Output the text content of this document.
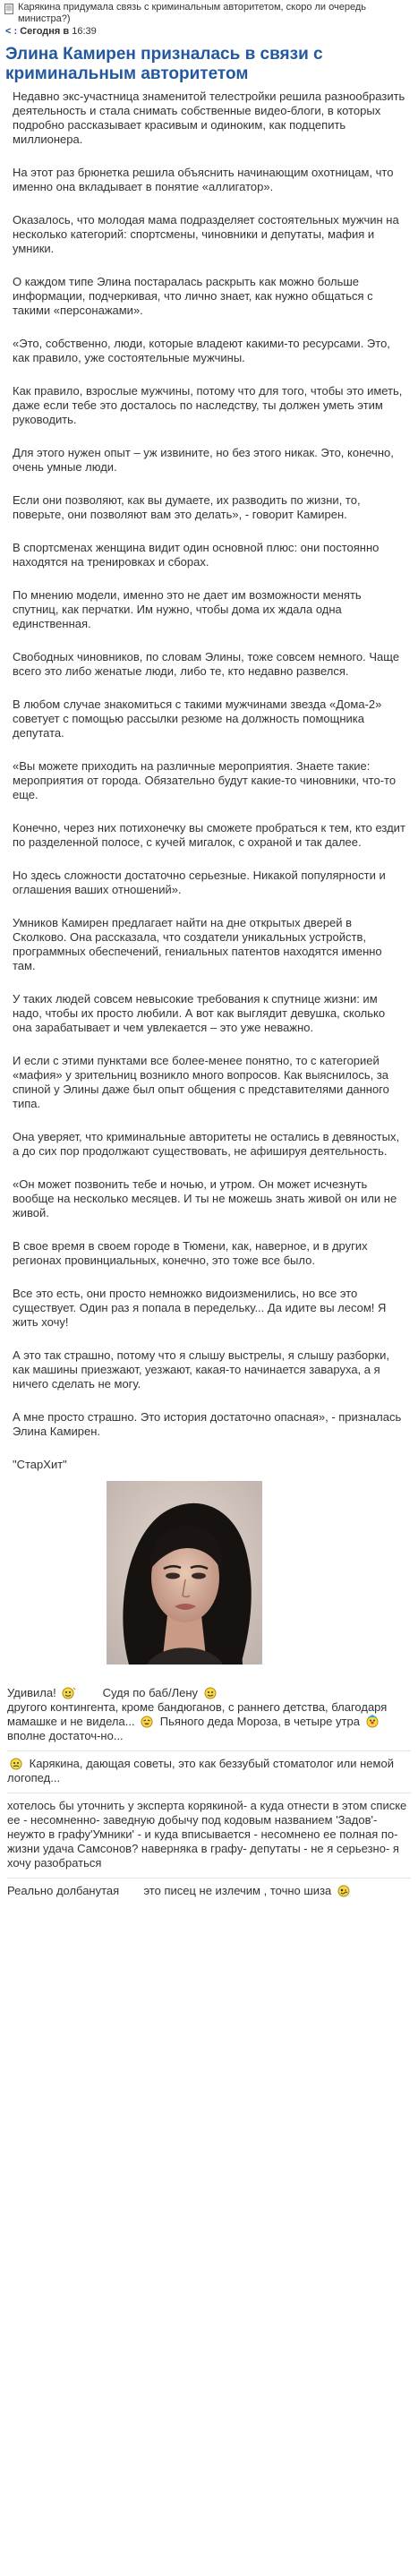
Карякина придумала связь с криминальным авторитетом, скоро ли очередь министра?)
< : Сегодня в 16:39
Элина Камирен призналась в связи с криминальным авторитетом

Недавно экс-участница знаменитой телестройки решила разнообразить деятельность и стала снимать собственные видео-блоги, в которых подробно рассказывает красивым и одиноким, как подцепить миллионера.

На этот раз брюнетка решила объяснить начинающим охотницам, что именно она вкладывает в понятие «аллигатор».

Оказалось, что молодая мама подразделяет состоятельных мужчин на несколько категорий: спортсмены, чиновники и депутаты, мафия и умники.

О каждом типе Элина постаралась раскрыть как можно больше информации, подчеркивая, что лично знает, как нужно общаться с такими «персонажами».

«Это, собственно, люди, которые владеют какими-то ресурсами. Это, как правило, уже состоятельные мужчины.

Как правило, взрослые мужчины, потому что для того, чтобы это иметь, даже если тебе это досталось по наследству, ты должен уметь этим руководить.

Для этого нужен опыт – уж извините, но без этого никак. Это, конечно, очень умные люди.

Если они позволяют, как вы думаете, их разводить по жизни, то, поверьте, они позволяют вам это делать», - говорит Камирен.

В спортсменах женщина видит один основной плюс: они постоянно находятся на тренировках и сборах.

По мнению модели, именно это не дает им возможности менять спутниц, как перчатки. Им нужно, чтобы дома их ждала одна единственная.

Свободных чиновников, по словам Элины, тоже совсем немного. Чаще всего это либо женатые люди, либо те, кто недавно развелся.

В любом случае знакомиться с такими мужчинами звезда «Дома-2» советует с помощью рассылки резюме на должность помощника депутата.

«Вы можете приходить на различные мероприятия. Знаете такие: мероприятия от города. Обязательно будут какие-то чиновники, что-то еще.

Конечно, через них потихонечку вы сможете пробраться к тем, кто ездит по разделенной полосе, с кучей мигалок, с охраной и так далее.

Но здесь сложности достаточно серьезные. Никакой популярности и оглашения ваших отношений».

Умников Камирен предлагает найти на дне открытых дверей в Сколково. Она рассказала, что создатели уникальных устройств, программных обеспечений, гениальных патентов находятся именно там.

У таких людей совсем невысокие требования к спутнице жизни: им надо, чтобы их просто любили. А вот как выглядит девушка, сколько она зарабатывает и чем увлекается – это уже неважно.

И если с этими пунктами все более-менее понятно, то с категорией «мафия» у зрительниц возникло много вопросов. Как выяснилось, за спиной у Элины даже был опыт общения с представителями данного типа.

Она уверяет, что криминальные авторитеты не остались в девяностых, а до сих пор продолжают существовать, не афишируя деятельность.

«Он может позвонить тебе и ночью, и утром. Он может исчезнуть вообще на несколько месяцев. И ты не можешь знать живой он или не живой.

В свое время в своем городе в Тюмени, как, наверное, и в других регионах провинциальных, конечно, это тоже все было.

Все это есть, они просто немножко видоизменились, но все это существует. Один раз я попала в передельку... Да идите вы лесом! Я жить хочу!

А это так страшно, потому что я слышу выстрелы, я слышу разборки, как машины приезжают, уезжают, какая-то начинается заваруха, а я ничего сделать не могу.

А мне просто страшно. Это история достаточно опасная», - призналась Элина Камирен.

"СтарХит"
Удивила!	Судя по баб/Лену
другого контингента, кроме бандюганов, с раннего детства, благодаря мамашке и не видела... Пьяного деда Мороза, в четыре утра  вполне достаточ-но...
Карякина, дающая советы, это как беззубый стоматолог или немой логопед...
хотелось бы уточнить у эксперта корякиной- а куда отнести в этом списке ее - несомненно- заведную добычу под кодовым названием 'Задов'-неужто в графу'Умники' - и куда вписывается - несомнено ее полная по-жизни удача Самсонов? наверняка в графу- депутаты - не я серьезно- я хочу разобраться
Реально долбанутая это писец не излечим , точно шиза
